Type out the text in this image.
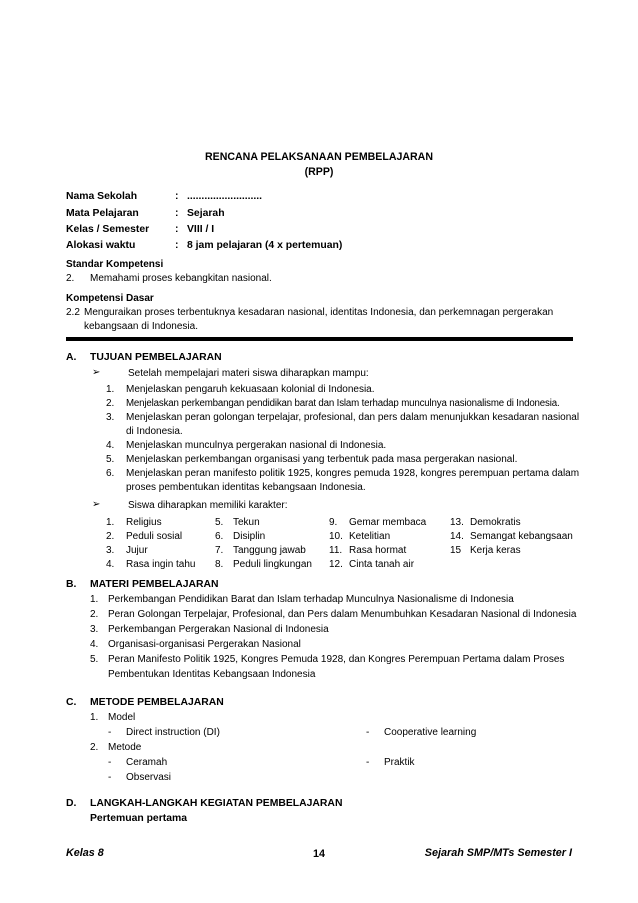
RENCANA PELAKSANAAN PEMBELAJARAN
(RPP)
Nama Sekolah	: ..........................
Mata Pelajaran	: Sejarah
Kelas / Semester : VIII / I
Alokasi waktu	: 8 jam pelajaran (4 x pertemuan)
Standar Kompetensi
2. Memahami proses kebangkitan nasional.
Kompetensi Dasar
2.2 Menguraikan proses terbentuknya kesadaran nasional, identitas Indonesia, dan perkemnagan pergerakan
kebangsaan di Indonesia.
A. TUJUAN PEMBELAJARAN
➢	Setelah mempelajari materi siswa diharapkan mampu:
1. Menjelaskan pengaruh kekuasaan kolonial di Indonesia.
2. Menjelaskan perkembangan pendidikan barat dan Islam terhadap munculnya nasionalisme di Indonesia.
3. Menjelaskan peran golongan terpelajar, profesional, dan pers dalam menunjukkan kesadaran nasional
di Indonesia.
4. Menjelaskan munculnya pergerakan nasional di Indonesia.
5. Menjelaskan perkembangan organisasi yang terbentuk pada masa pergerakan nasional.
6. Menjelaskan peran manifesto politik 1925, kongres pemuda 1928, kongres perempuan pertama dalam
proses pembentukan identitas kebangsaan Indonesia.
➢	Siswa diharapkan memiliki karakter:
1. Religius
2. Peduli sosial
3. Jujur
4. Rasa ingin tahu
5. Tekun
6. Disiplin
7. Tanggung jawab
8. Peduli lingkungan
9. Gemar membaca
10. Ketelitian
11. Rasa hormat
12. Cinta tanah air
13. Demokratis
14. Semangat kebangsaan
15 Kerja keras
B. MATERI PEMBELAJARAN
1. Perkembangan Pendidikan Barat dan Islam terhadap Munculnya Nasionalisme di Indonesia
2. Peran Golongan Terpelajar, Profesional, dan Pers dalam Menumbuhkan Kesadaran Nasional di Indonesia
3. Perkembangan Pergerakan Nasional di Indonesia
4. Organisasi-organisasi Pergerakan Nasional
5. Peran Manifesto Politik 1925, Kongres Pemuda 1928, dan Kongres Perempuan Pertama dalam Proses
Pembentukan Identitas Kebangsaan Indonesia
C. METODE PEMBELAJARAN
1. Model
- Direct instruction (DI)	- Cooperative learning
2. Metode
- Ceramah	- Praktik
- Observasi
D. LANGKAH-LANGKAH KEGIATAN PEMBELAJARAN
Pertemuan pertama
Kelas 8	14	Sejarah SMP/MTs Semester I
